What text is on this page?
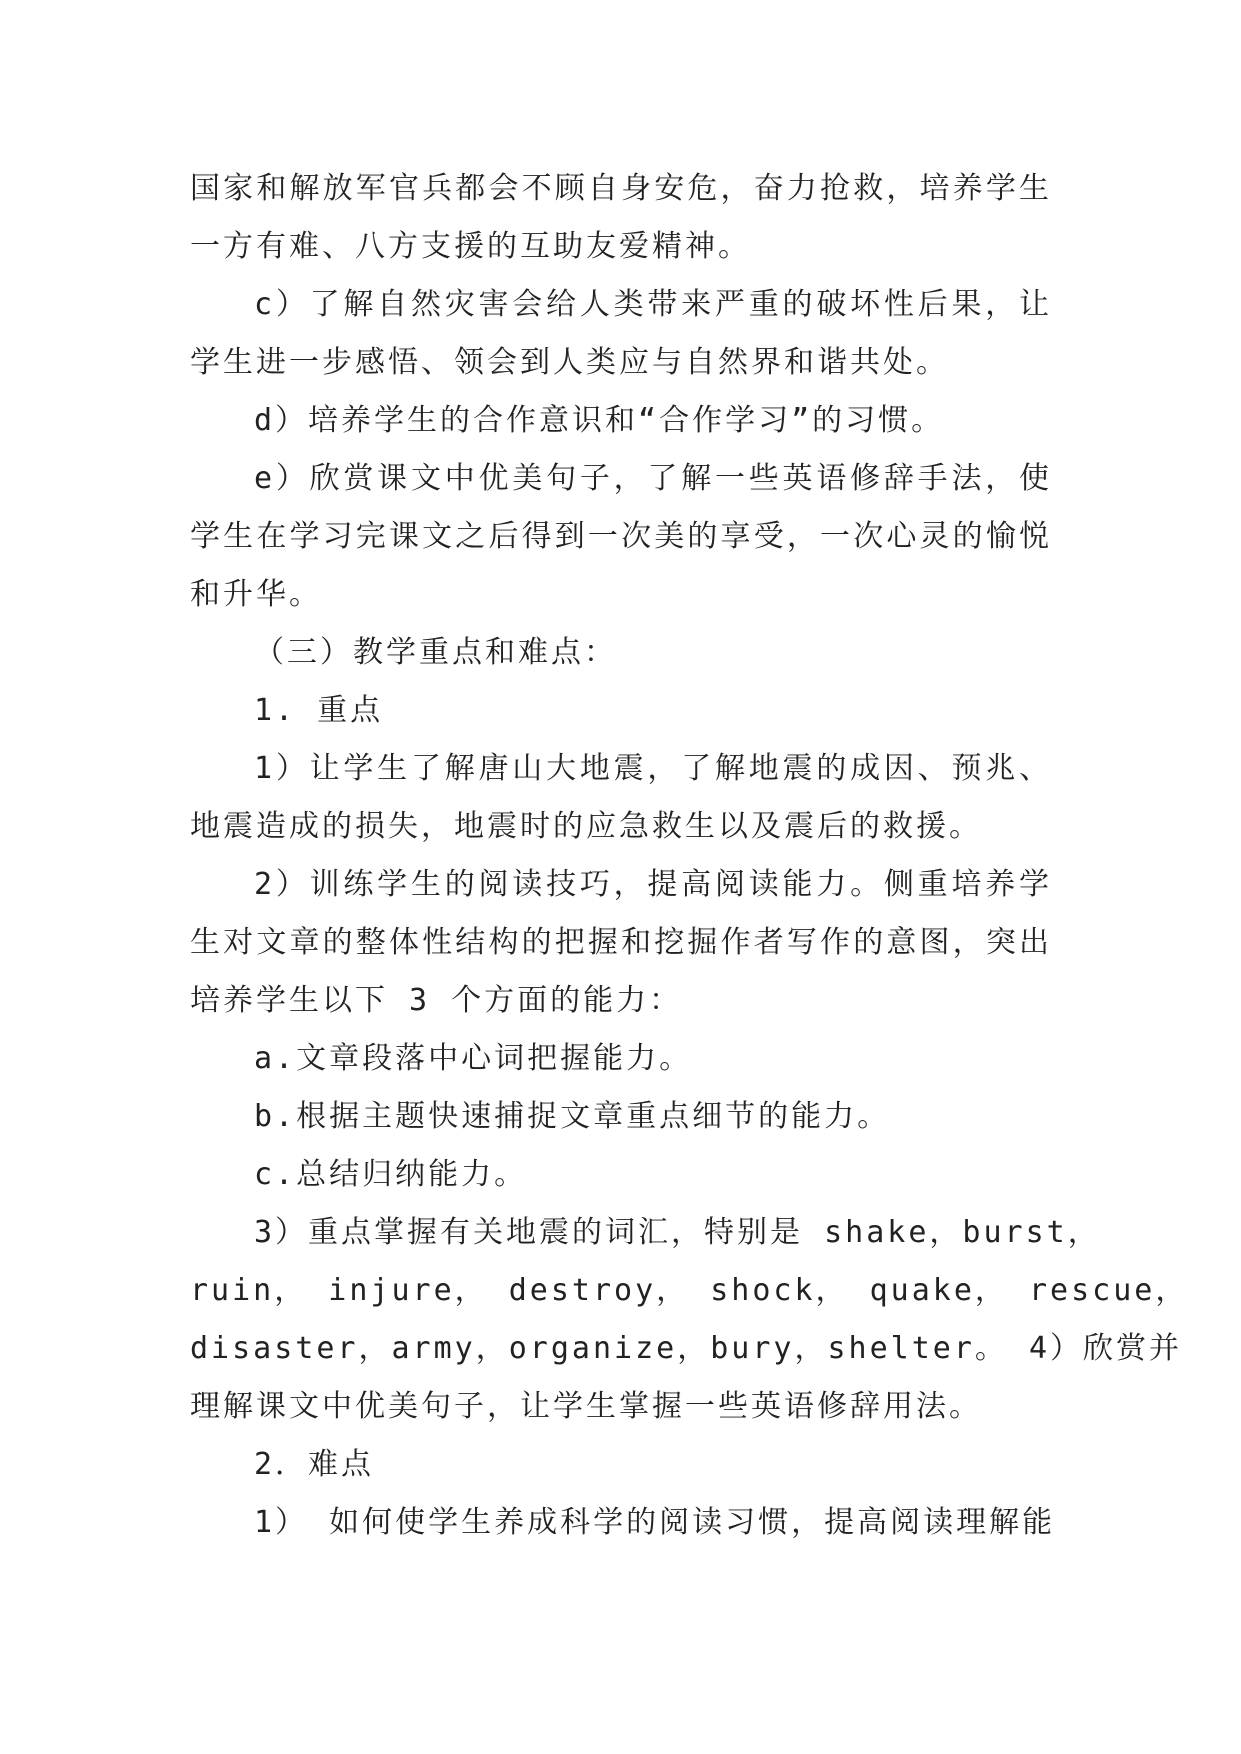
国家和解放军官兵都会不顾自身安危，奋力抢救，培养学生
一方有难、八方支援的互助友爱精神。
c）了解自然灾害会给人类带来严重的破坏性后果，让
学生进一步感悟、领会到人类应与自然界和谐共处。
d）培养学生的合作意识和“合作学习”的习惯。
e）欣赏课文中优美句子，了解一些英语修辞手法，使
学生在学习完课文之后得到一次美的享受，一次心灵的愉悦
和升华。
（三）教学重点和难点：
1. 重点
1）让学生了解唐山大地震，了解地震的成因、预兆、
地震造成的损失，地震时的应急救生以及震后的救援。
2）训练学生的阅读技巧，提高阅读能力。侧重培养学
生对文章的整体性结构的把握和挖掘作者写作的意图，突出
培养学生以下 3 个方面的能力：
a.文章段落中心词把握能力。
b.根据主题快速捕捉文章重点细节的能力。
c.总结归纳能力。
3）重点掌握有关地震的词汇，特别是 shake，burst，
ruin， injure， destroy， shock， quake， rescue，
disaster，army，organize，bury，shelter。 4）欣赏并
理解课文中优美句子，让学生掌握一些英语修辞用法。
2．难点
1） 如何使学生养成科学的阅读习惯，提高阅读理解能
